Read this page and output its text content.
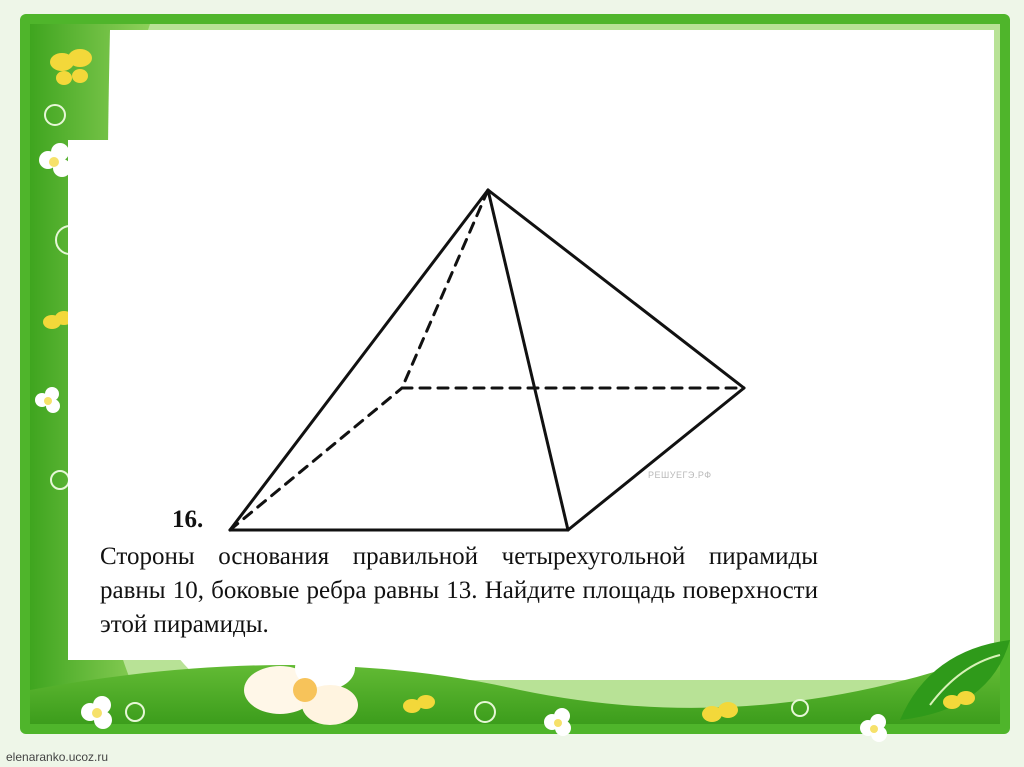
РЕШУЕГЭ.РФ
16.
Стороны основания правильной четырехугольной пирамиды равны 10, боковые ребра равны 13. Найдите площадь поверхности этой пирамиды.
elenaranko.ucoz.ru
